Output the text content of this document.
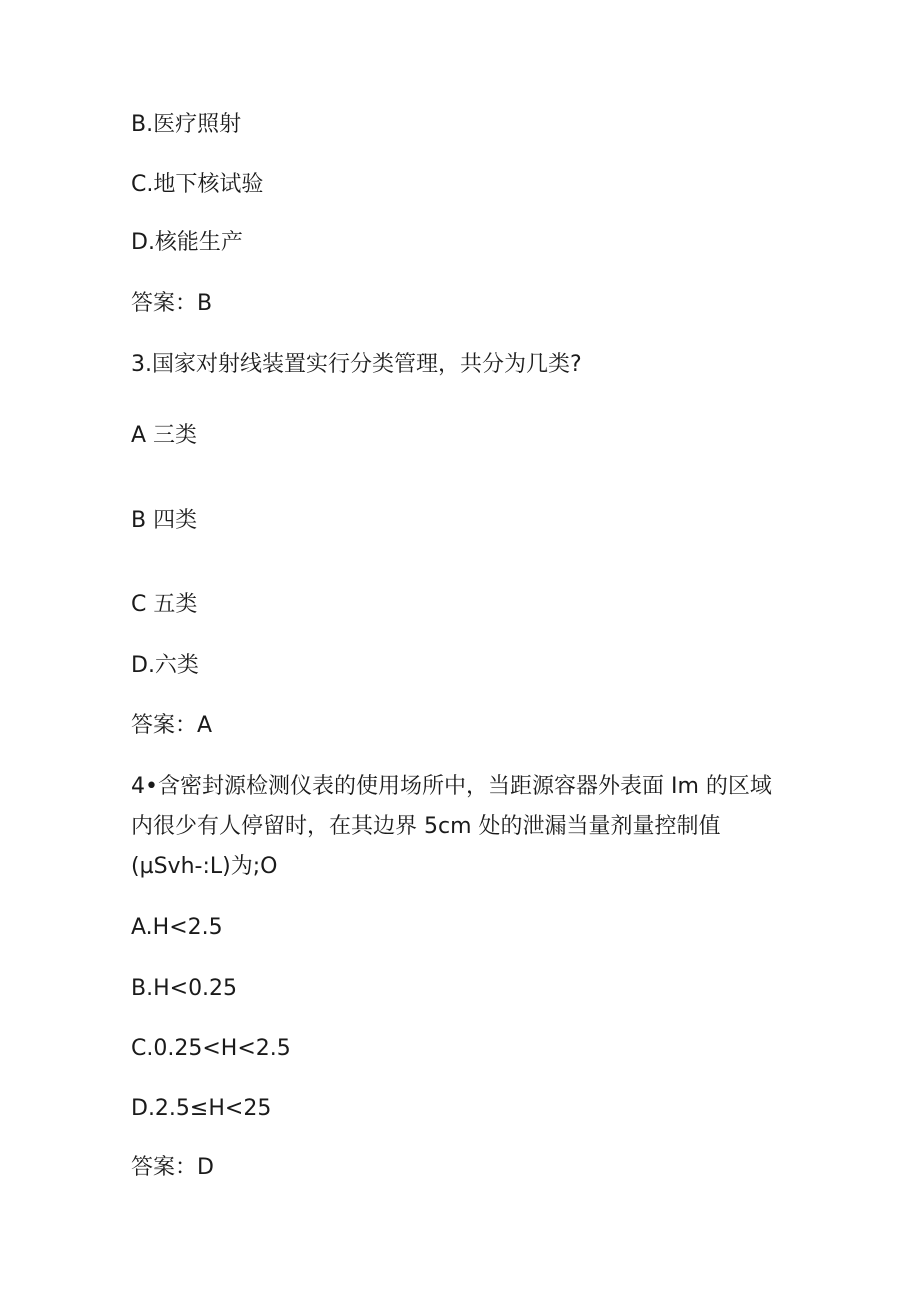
B.医疗照射
C.地下核试验
D.核能生产
答案：B
3.国家对射线装置实行分类管理，共分为几类?
A 三类
B 四类
C 五类
D.六类
答案：A
4•含密封源检测仪表的使用场所中，当距源容器外表面 Im 的区域
内很少有人停留时，在其边界 5cm 处的泄漏当量剂量控制值
(µSvh-:L)为;O
A.H<2.5
B.H<0.25
C.0.25<H<2.5
D.2.5≤H<25
答案：D
